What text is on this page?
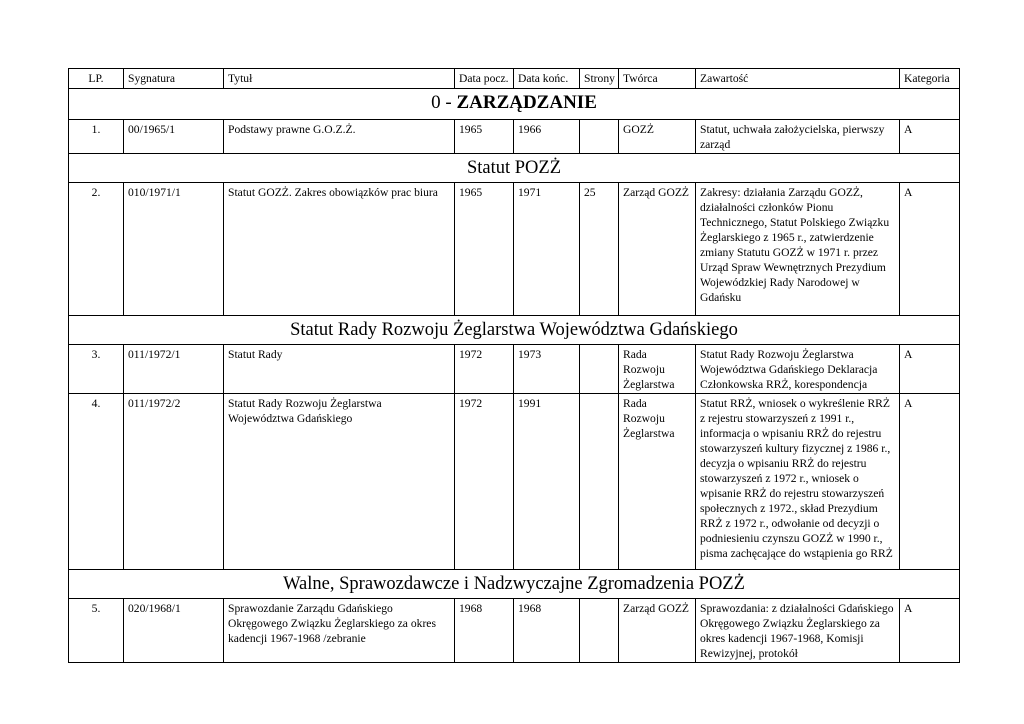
LP.	Sygnatura	Tytuł	Data pocz.	Data końc.	Strony	Twórca	Zawartość	Kategoria
0 - ZARZĄDZANIE								
1.	00/1965/1	Podstawy prawne G.O.Z.Ż.	1965	1966		GOZŻ	Statut, uchwała założycielska, pierwszy zarząd	A
Statut POZŻ								
2.	010/1971/1	Statut GOZŻ. Zakres obowiązków prac biura	1965	1971	25	Zarząd GOZŻ	Zakresy: działania Zarządu GOZŻ, działalności członków Pionu Technicznego, Statut Polskiego Związku Żeglarskiego z 1965 r., zatwierdzenie zmiany Statutu GOZŻ w 1971 r. przez Urząd Spraw Wewnętrznych Prezydium Wojewódzkiej Rady Narodowej w Gdańsku	A
Statut Rady Rozwoju Żeglarstwa Województwa Gdańskiego								
3.	011/1972/1	Statut Rady	1972	1973		Rada Rozwoju Żeglarstwa	Statut Rady Rozwoju Żeglarstwa Województwa Gdańskiego Deklaracja Członkowska RRŻ, korespondencja	A
4.	011/1972/2	Statut Rady Rozwoju Żeglarstwa Województwa Gdańskiego	1972	1991		Rada Rozwoju Żeglarstwa	Statut RRŻ, wniosek o wykreślenie RRŻ z rejestru stowarzyszeń z 1991 r., informacja o wpisaniu RRŻ do rejestru stowarzyszeń kultury fizycznej z 1986 r., decyzja o wpisaniu RRŻ do rejestru stowarzyszeń z 1972 r., wniosek o wpisanie RRŻ do rejestru stowarzyszeń społecznych z 1972., skład Prezydium RRŻ z 1972 r., odwołanie od decyzji o podniesieniu czynszu GOZŻ w 1990 r., pisma zachęcające do wstąpienia go RRŻ	A
Walne, Sprawozdawcze i Nadzwyczajne Zgromadzenia POZŻ								
5.	020/1968/1	Sprawozdanie Zarządu Gdańskiego Okręgowego Związku Żeglarskiego za okres kadencji 1967-1968 /zebranie	1968	1968		Zarząd GOZŻ	Sprawozdania: z działalności Gdańskiego Okręgowego Związku Żeglarskiego za okres kadencji 1967-1968, Komisji Rewizyjnej, protokół	A
